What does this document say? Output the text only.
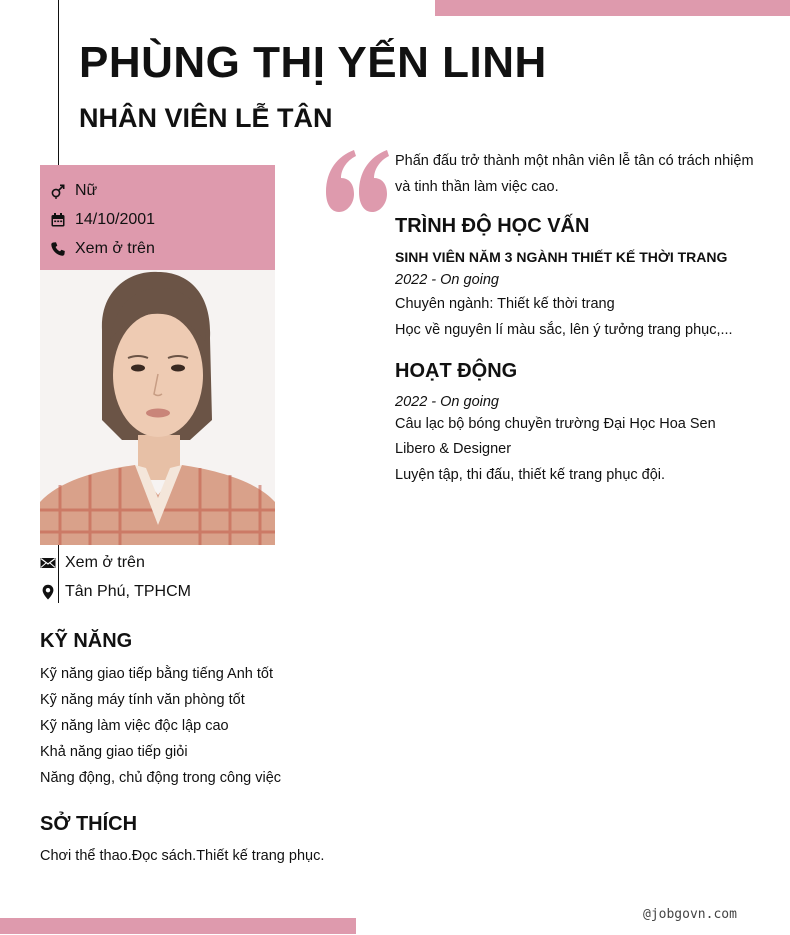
PHÙNG THỊ YẾN LINH
NHÂN VIÊN LỄ TÂN
Nữ
14/10/2001
Xem ở trên
Xem ở trên
Tân Phú, TPHCM
KỸ NĂNG
Kỹ năng giao tiếp bằng tiếng Anh tốt
Kỹ năng máy tính văn phòng tốt
Kỹ năng làm việc độc lập cao
Khả năng giao tiếp giỏi
Năng động, chủ động trong công việc
SỞ THÍCH
Chơi thể thao.Đọc sách.Thiết kế trang phục.
Phấn đấu trở thành một nhân viên lễ tân có trách nhiệm
và tinh thần làm việc cao.
TRÌNH ĐỘ HỌC VẤN
SINH VIÊN NĂM 3 NGÀNH THIẾT KẾ THỜI TRANG
2022 - On going
Chuyên ngành: Thiết kế thời trang
Học về nguyên lí màu sắc, lên ý tưởng trang phục,...
HOẠT ĐỘNG
2022 - On going
Câu lạc bộ bóng chuyền trường Đại Học Hoa Sen
Libero & Designer
Luyện tập, thi đấu, thiết kế trang phục đội.
@jobgovn.com
